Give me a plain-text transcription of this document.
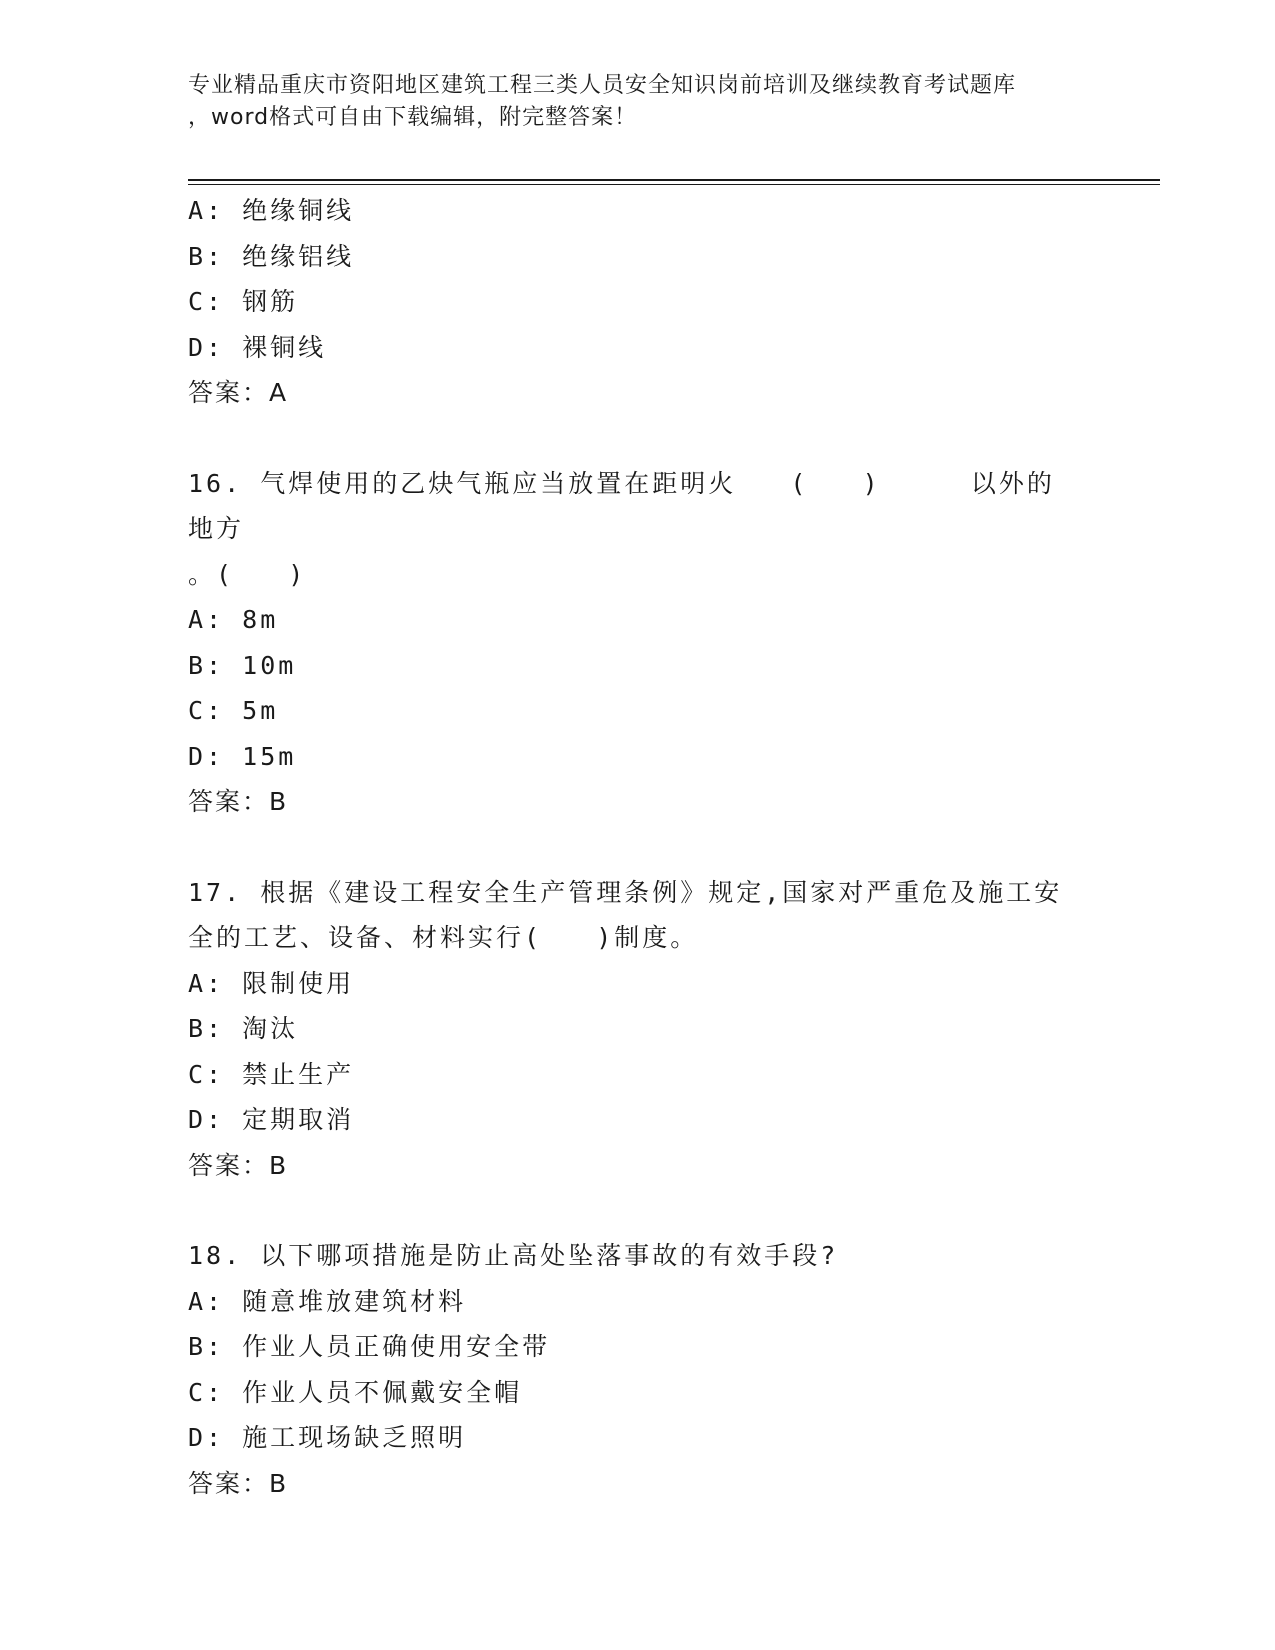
专业精品重庆市资阳地区建筑工程三类人员安全知识岗前培训及继续教育考试题库
，word格式可自由下载编辑，附完整答案！
A: 绝缘铜线
B: 绝缘铝线
C: 钢筋
D: 裸铜线
答案：A
16. 气焊使用的乙炔气瓶应当放置在距明火   (   )     以外的地方
。(   )
A: 8m
B: 10m
C: 5m
D: 15m
答案：B
17. 根据《建设工程安全生产管理条例》规定,国家对严重危及施工安
全的工艺、设备、材料实行(   )制度。
A: 限制使用
B: 淘汰
C: 禁止生产
D: 定期取消
答案：B
18. 以下哪项措施是防止高处坠落事故的有效手段?
A: 随意堆放建筑材料
B: 作业人员正确使用安全带
C: 作业人员不佩戴安全帽
D: 施工现场缺乏照明
答案：B
